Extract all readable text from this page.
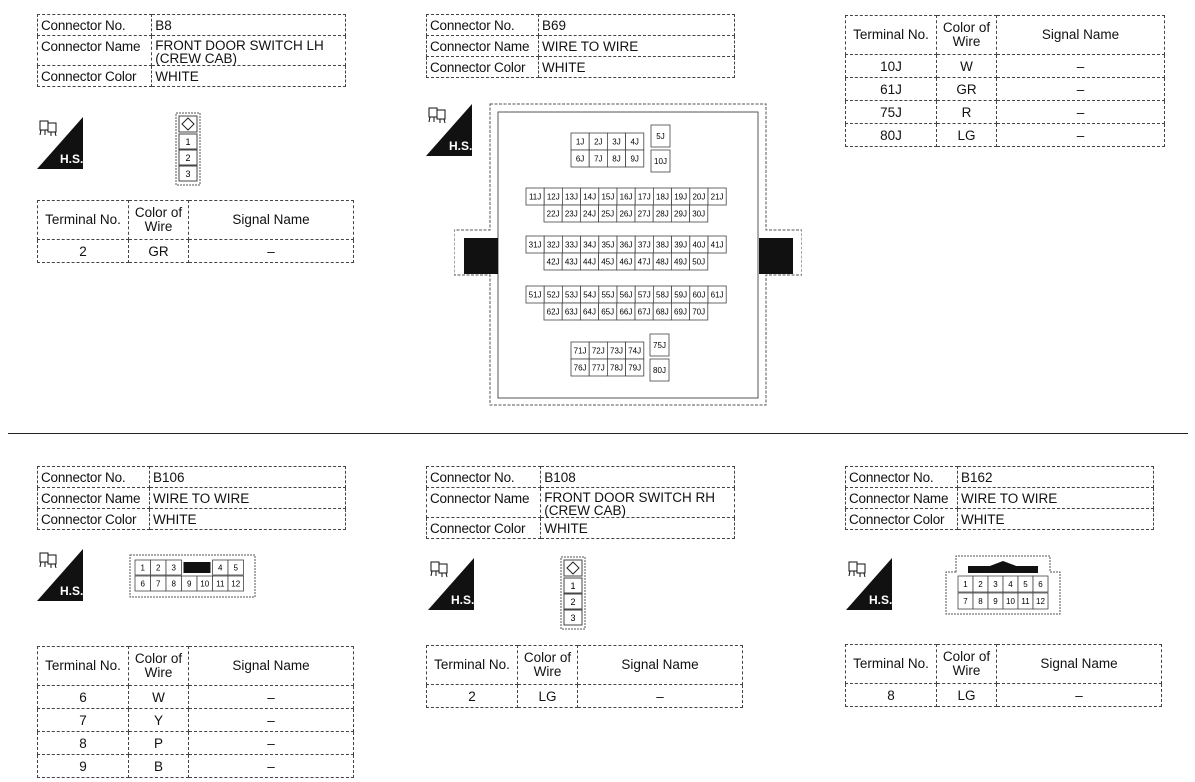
Connector No.	B8
Connector Name	FRONT DOOR SWITCH LH (CREW CAB)
Connector Color	WHITE
H.S.
1
2
3
Terminal No.	Color of Wire	Signal Name
2	GR	–
Connector No.	B69
Connector Name	WIRE TO WIRE
Connector Color	WHITE
H.S.	1J 2J 3J 4J
6J 7J 8J 9J
5J
10J
11J 12J 13J 14J 15J 16J 17J 18J 19J 20J 21J
22J 23J 24J 25J 26J 27J 28J 29J 30J
31J 32J 33J 34J 35J 36J 37J 38J 39J 40J 41J
42J 43J 44J 45J 46J 47J 48J 49J 50J
51J 52J 53J 54J 55J 56J 57J 58J 59J 60J 61J
62J 63J 64J 65J 66J 67J 68J 69J 70J
71J 72J 73J 74J
76J 77J 78J 79J
75J
80J
Terminal No.	Color of Wire	Signal Name
10J	W	–
61J	GR	–
75J	R	–
80J	LG	–
Connector No.	B106
Connector Name	WIRE TO WIRE
Connector Color	WHITE
H.S.
1 2 3	4 5
6 7 8 9 10 11 12
Terminal No.	Color of Wire	Signal Name
6	W	–
7	Y	–
8	P	–
9	B	–
Connector No.	B108
Connector Name	FRONT DOOR SWITCH RH (CREW CAB)
Connector Color	WHITE
H.S.
1
2
3
Terminal No.	Color of Wire	Signal Name
2	LG	–
Connector No.	B162
Connector Name	WIRE TO WIRE
Connector Color	WHITE
H.S.
1 2 3 4 5 6
7 8 9 10 11 12
Terminal No.	Color of Wire	Signal Name
8	LG	–
